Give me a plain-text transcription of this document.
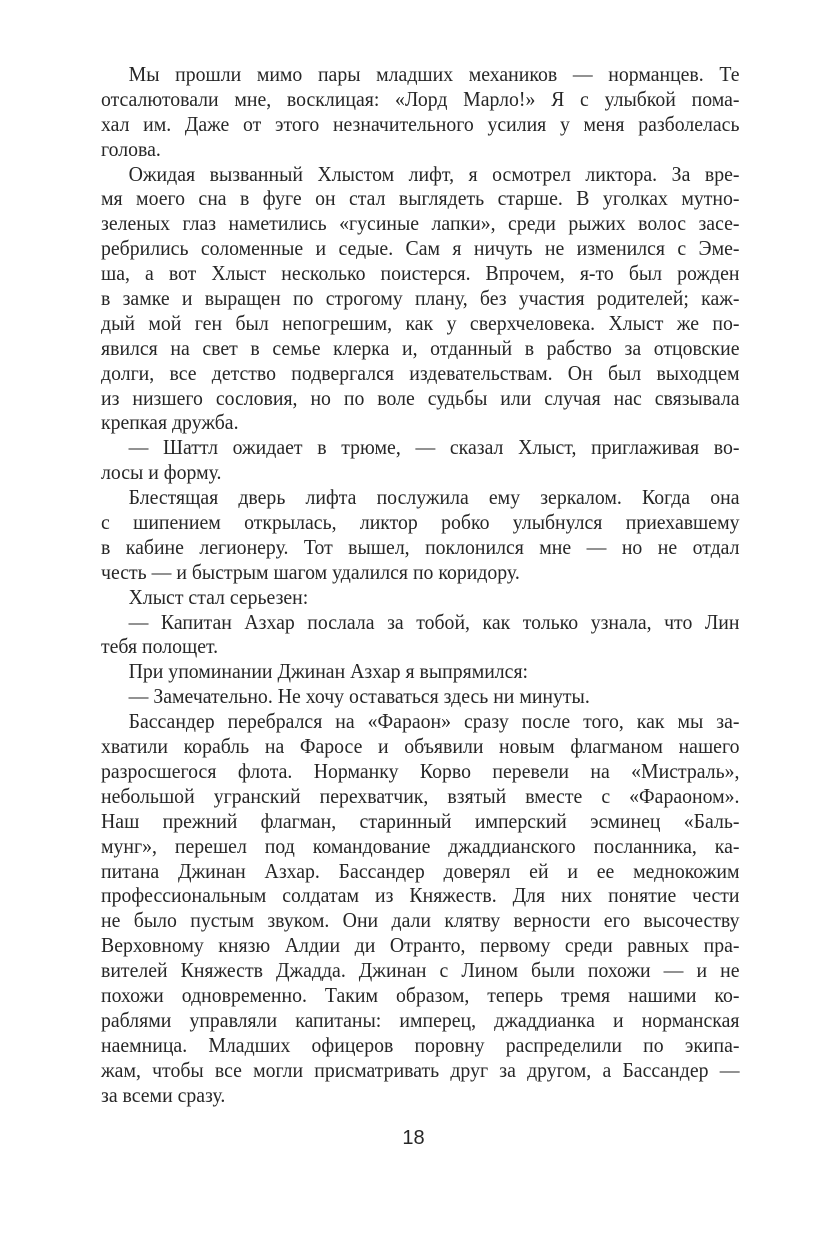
Мы прошли мимо пары младших механиков — норманцев. Те
отсалютовали мне, восклицая: «Лорд Марло!» Я с улыбкой пома-
хал им. Даже от этого незначительного усилия у меня разболелась
голова.
Ожидая вызванный Хлыстом лифт, я осмотрел ликтора. За вре-
мя моего сна в фуге он стал выглядеть старше. В уголках мутно-
зеленых глаз наметились «гусиные лапки», среди рыжих волос засе-
ребрились соломенные и седые. Сам я ничуть не изменился с Эме-
ша, а вот Хлыст несколько поистерся. Впрочем, я-то был рожден
в замке и выращен по строгому плану, без участия родителей; каж-
дый мой ген был непогрешим, как у сверхчеловека. Хлыст же по-
явился на свет в семье клерка и, отданный в рабство за отцовские
долги, все детство подвергался издевательствам. Он был выходцем
из низшего сословия, но по воле судьбы или случая нас связывала
крепкая дружба.
— Шаттл ожидает в трюме, — сказал Хлыст, приглаживая во-
лосы и форму.
Блестящая дверь лифта послужила ему зеркалом. Когда она
с шипением открылась, ликтор робко улыбнулся приехавшему
в кабине легионеру. Тот вышел, поклонился мне — но не отдал
честь — и быстрым шагом удалился по коридору.
Хлыст стал серьезен:
— Капитан Азхар послала за тобой, как только узнала, что Лин
тебя полощет.
При упоминании Джинан Азхар я выпрямился:
— Замечательно. Не хочу оставаться здесь ни минуты.
Бассандер перебрался на «Фараон» сразу после того, как мы за-
хватили корабль на Фаросе и объявили новым флагманом нашего
разросшегося флота. Норманку Корво перевели на «Мистраль»,
небольшой угранский перехватчик, взятый вместе с «Фараоном».
Наш прежний флагман, старинный имперский эсминец «Баль-
мунг», перешел под командование джаддианского посланника, ка-
питана Джинан Азхар. Бассандер доверял ей и ее меднокожим
профессиональным солдатам из Княжеств. Для них понятие чести
не было пустым звуком. Они дали клятву верности его высочеству
Верховному князю Алдии ди Отранто, первому среди равных пра-
вителей Княжеств Джадда. Джинан с Лином были похожи — и не
похожи одновременно. Таким образом, теперь тремя нашими ко-
раблями управляли капитаны: имперец, джаддианка и норманская
наемница. Младших офицеров поровну распределили по экипа-
жам, чтобы все могли присматривать друг за другом, а Бассандер —
за всеми сразу.
18
